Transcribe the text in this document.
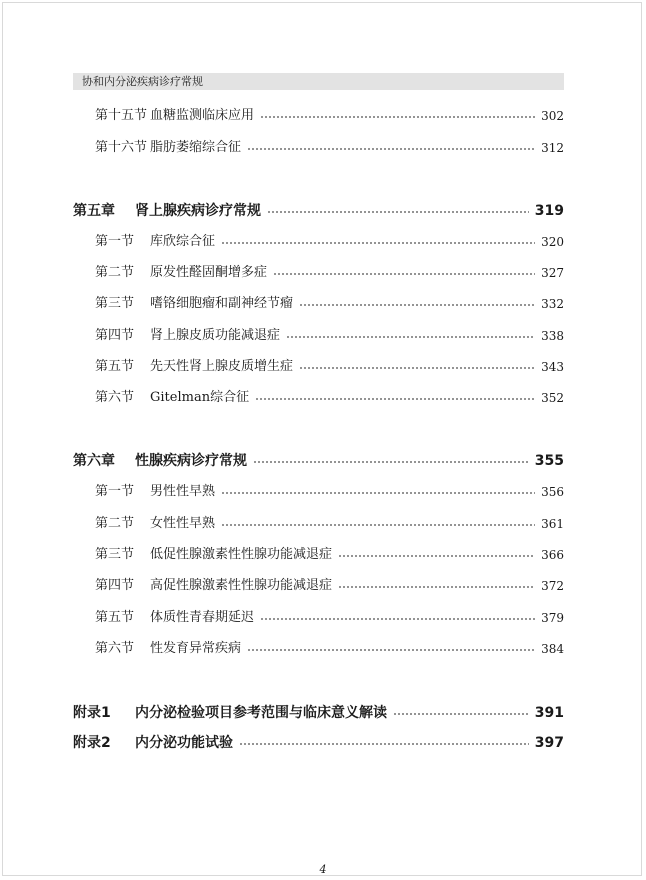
协和内分泌疾病诊疗常规
第十五节 血糖监测临床应用	302
第十六节 脂肪萎缩综合征	312
第五章	肾上腺疾病诊疗常规	319
第一节	库欣综合征	320
第二节	原发性醛固酮增多症	327
第三节	嗜铬细胞瘤和副神经节瘤	332
第四节	肾上腺皮质功能减退症	338
第五节	先天性肾上腺皮质增生症	343
第六节	Gitelman综合征	352
第六章	性腺疾病诊疗常规	355
第一节	男性性早熟	356
第二节	女性性早熟	361
第三节	低促性腺激素性性腺功能减退症	366
第四节	高促性腺激素性性腺功能减退症	372
第五节	体质性青春期延迟	379
第六节	性发育异常疾病	384
附录1	内分泌检验项目参考范围与临床意义解读	391
附录2	内分泌功能试验	397
4
